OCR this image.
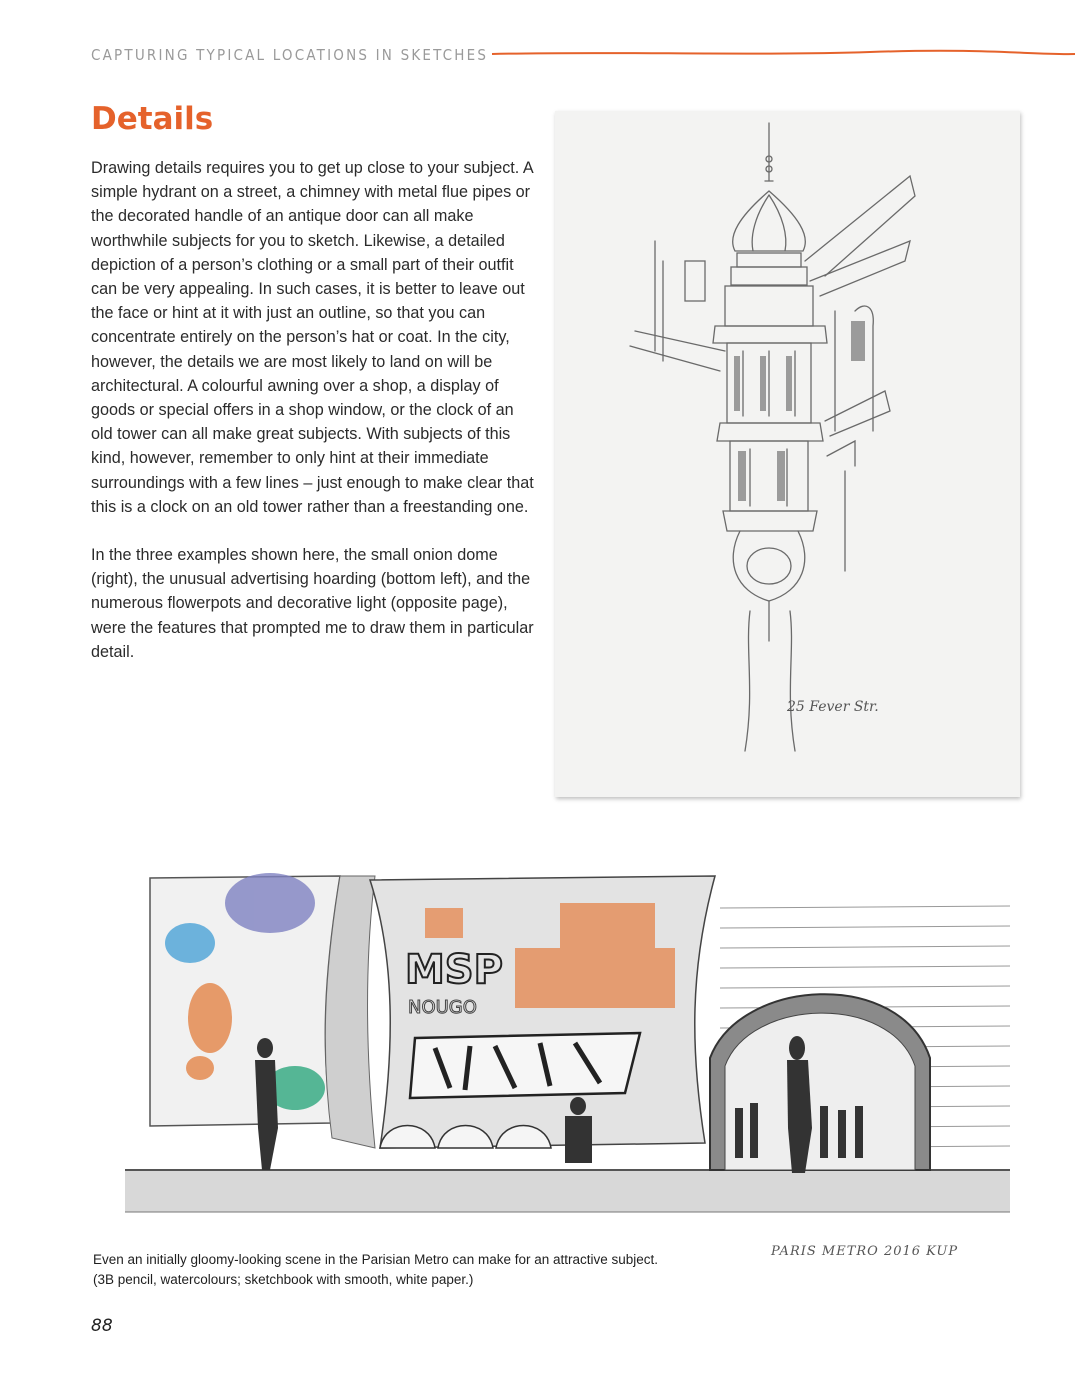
CAPTURING TYPICAL LOCATIONS IN SKETCHES
Details

Drawing details requires you to get up close to your subject. A simple hydrant on a street, a chimney with metal flue pipes or the decorated handle of an antique door can all make worthwhile subjects for you to sketch. Likewise, a detailed depiction of a person’s clothing or a small part of their outfit can be very appealing. In such cases, it is better to leave out the face or hint at it with just an outline, so that you can concentrate entirely on the person’s hat or coat. In the city, however, the details we are most likely to land on will be architectural. A colourful awning over a shop, a display of goods or special offers in a shop window, or the clock of an old tower can all make great subjects. With subjects of this kind, however, remember to only hint at their immediate surroundings with a few lines – just enough to make clear that this is a clock on an old tower rather than a freestanding one.

In the three examples shown here, the small onion dome (right), the unusual advertising hoarding (bottom left), and the numerous flowerpots and decorative light (opposite page), were the features that prompted me to draw them in particular detail.

25 Fever Str.
MSP
NOUGO
PARIS METRO 2016 KUP
Even an initially gloomy-looking scene in the Parisian Metro can make for an attractive subject.
(3B pencil, watercolours; sketchbook with smooth, white paper.)
88
